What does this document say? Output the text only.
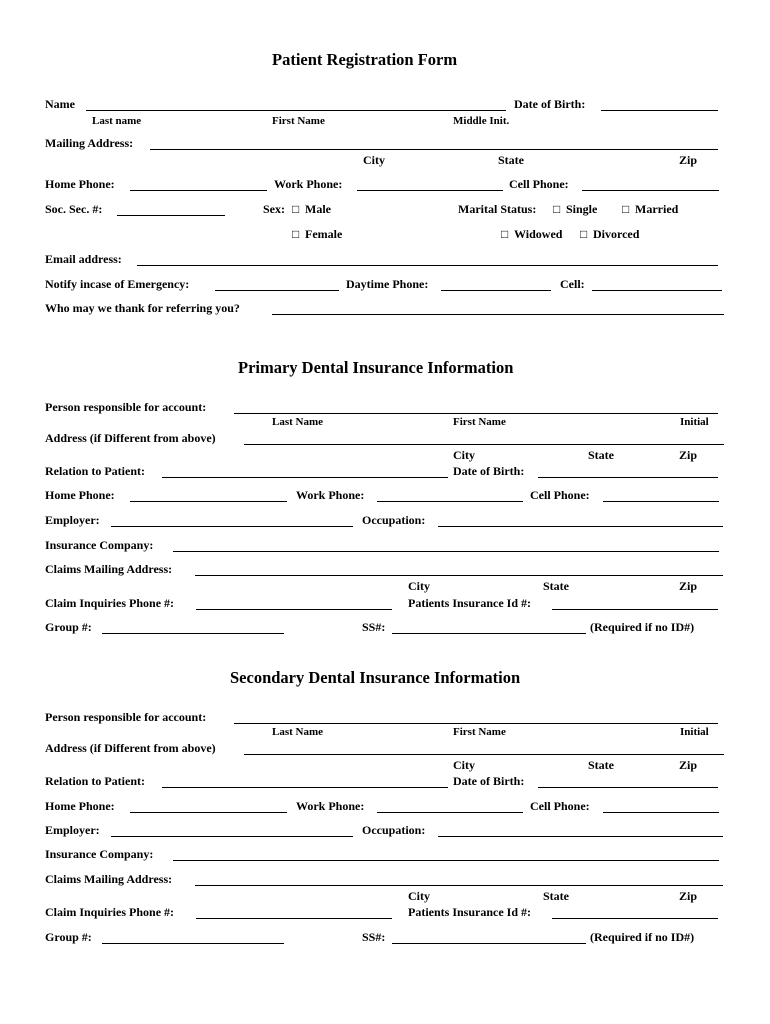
Patient Registration Form
Name	Date of Birth:
Last name	First Name	Middle Init.
Mailing Address:
City	State	Zip
Home Phone:	Work Phone:	Cell Phone:
Soc. Sec. #:	Sex: □ Male	Marital Status: □ Single □ Married
□ Female	□ Widowed □ Divorced
Email address:
Notify incase of Emergency:	Daytime Phone:	Cell:
Who may we thank for referring you?
Primary Dental Insurance Information
Person responsible for account:
Last Name	First Name	Initial
Address (if Different from above)
City	State	Zip
Relation to Patient:	Date of Birth:
Home Phone:	Work Phone:	Cell Phone:
Employer:	Occupation:
Insurance Company:
Claims Mailing Address:
City	State	Zip
Claim Inquiries Phone #:	Patients Insurance Id #:
Group #:	SS#:	(Required if no ID#)
Secondary Dental Insurance Information
Person responsible for account:
Last Name	First Name	Initial
Address (if Different from above)
City	State	Zip
Relation to Patient:	Date of Birth:
Home Phone:	Work Phone:	Cell Phone:
Employer:	Occupation:
Insurance Company:
Claims Mailing Address:
City	State	Zip
Claim Inquiries Phone #:	Patients Insurance Id #:
Group #:	SS#:	(Required if no ID#)
